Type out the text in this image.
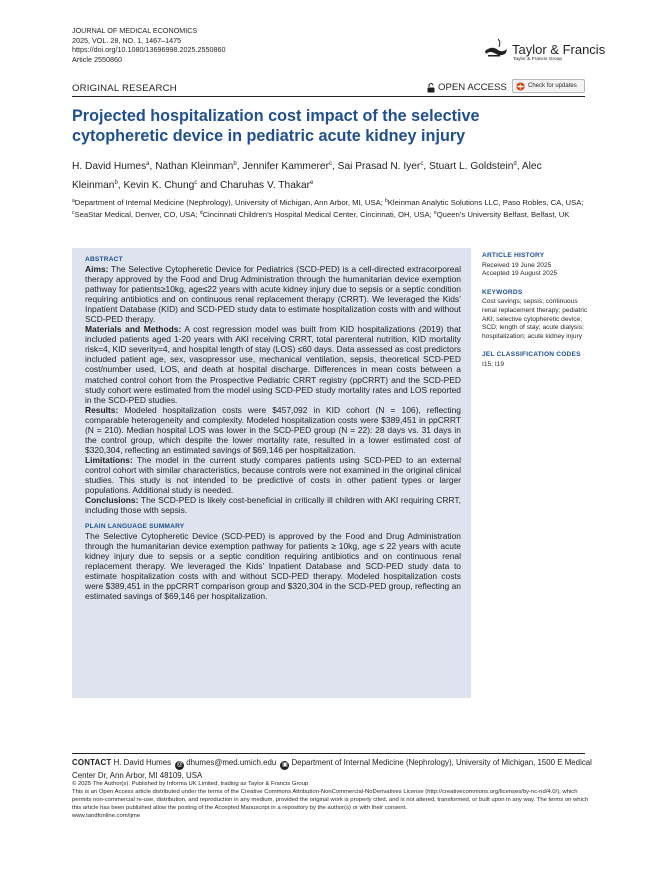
JOURNAL OF MEDICAL ECONOMICS
2025, VOL. 28, NO. 1, 1467–1475
https://doi.org/10.1080/13696998.2025.2550860
Article 2550860
Taylor & Francis
Taylor & Francis Group
ORIGINAL RESEARCH	OPEN ACCESS	Check for updates
Projected hospitalization cost impact of the selective cytopheretic device in pediatric acute kidney injury
H. David Humes$^a$, Nathan Kleinman$^b$, Jennifer Kammerer$^c$, Sai Prasad N. Iyer$^c$, Stuart L. Goldstein$^d$, Alec Kleinman$^b$, Kevin K. Chung$^c$ and Charuhas V. Thakar$^e$
$^a$Department of Internal Medicine (Nephrology), University of Michigan, Ann Arbor, MI, USA; $^b$Kleinman Analytic Solutions LLC, Paso Robles, CA, USA; $^c$SeaStar Medical, Denver, CO, USA; $^d$Cincinnati Children’s Hospital Medical Center, Cincinnati, OH, USA; $^e$Queen’s University Belfast, Belfast, UK
ABSTRACT

Aims: The Selective Cytopheretic Device for Pediatrics (SCD-PED) is a cell-directed extracorporeal therapy approved by the Food and Drug Administration through the humanitarian device exemption pathway for patients≥10kg, age≤22 years with acute kidney injury due to sepsis or a septic condition requiring antibiotics and on continuous renal replacement therapy (CRRT). We leveraged the Kids’ Inpatient Database (KID) and SCD-PED study data to estimate hospitalization costs with and without SCD-PED therapy.

Materials and Methods: A cost regression model was built from KID hospitalizations (2019) that included patients aged 1-20 years with AKI receiving CRRT, total parenteral nutrition, KID mortality risk=4, KID severity=4, and hospital length of stay (LOS) ≤60 days. Data assessed as cost predictors included patient age, sex, vasopressor use, mechanical ventilation, sepsis, theoretical SCD-PED cost/number used, LOS, and death at hospital discharge. Differences in mean costs between a matched control cohort from the Prospective Pediatric CRRT registry (ppCRRT) and the SCD-PED study cohort were estimated from the model using SCD-PED study mortality rates and LOS reported in the SCD-PED studies.

Results: Modeled hospitalization costs were $457,092 in KID cohort (N = 106), reflecting comparable heterogeneity and complexity. Modeled hospitalization costs were $389,451 in ppCRRT (N = 210). Median hospital LOS was lower in the SCD-PED group (N = 22): 28 days vs. 31 days in the control group, which despite the lower mortality rate, resulted in a lower estimated cost of $320,304, reflecting an estimated savings of $69,146 per hospitalization.

Limitations: The model in the current study compares patients using SCD-PED to an external control cohort with similar characteristics, because controls were not examined in the original clinical studies. This study is not intended to be predictive of costs in other patient types or larger populations. Additional study is needed.

Conclusions: The SCD-PED is likely cost-beneficial in critically ill children with AKI requiring CRRT, including those with sepsis.

PLAIN LANGUAGE SUMMARY

The Selective Cytopheretic Device (SCD-PED) is approved by the Food and Drug Administration through the humanitarian device exemption pathway for patients ≥ 10kg, age ≤ 22 years with acute kidney injury due to sepsis or a septic condition requiring antibiotics and on continuous renal replacement therapy. We leveraged the Kids’ Inpatient Database and SCD-PED study data to estimate hospitalization costs with and without SCD-PED therapy. Modeled hospitalization costs were $389,451 in the ppCRRT comparison group and $320,304 in the SCD-PED group, reflecting an estimated savings of $69,146 per hospitalization.

ARTICLE HISTORY
Received 19 June 2025
Accepted 19 August 2025
KEYWORDS
Cost savings; sepsis; continuous renal replacement therapy; pediatric AKI; selective cytopheretic device; SCD; length of stay; acute dialysis; hospitalization; acute kidney injury
JEL CLASSIFICATION CODES
I15; I19
CONTACT H. David Humes @ dhumes@med.umich.edu ▣ Department of Internal Medicine (Nephrology), University of Michigan, 1500 E Medical Center Dr, Ann Arbor, MI 48109, USA
© 2025 The Author(s). Published by Informa UK Limited, trading as Taylor & Francis Group
This is an Open Access article distributed under the terms of the Creative Commons Attribution-NonCommercial-NoDerivatives License (http://creativecommons.org/licenses/by-nc-nd/4.0/), which permits non-commercial re-use, distribution, and reproduction in any medium, provided the original work is properly cited, and is not altered, transformed, or built upon in any way. The terms on which this article has been published allow the posting of the Accepted Manuscript in a repository by the author(s) or with their consent.
www.tandfonline.com/ijme
